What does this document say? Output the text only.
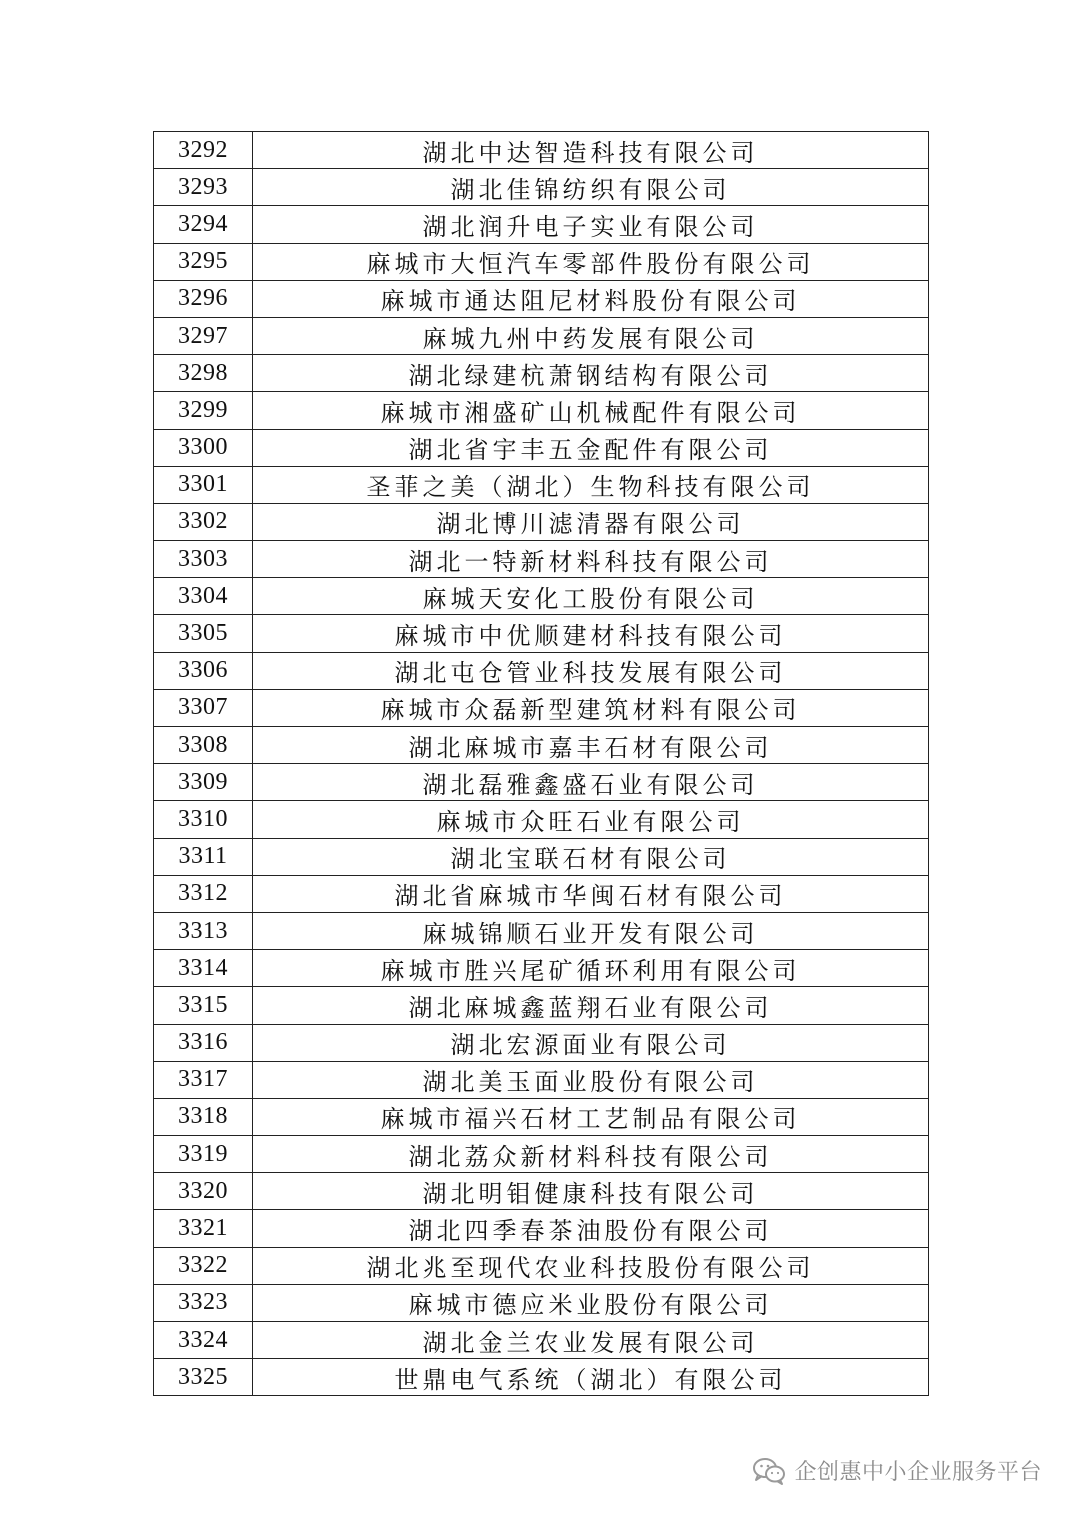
3292	湖北中达智造科技有限公司
3293	湖北佳锦纺织有限公司
3294	湖北润升电子实业有限公司
3295	麻城市大恒汽车零部件股份有限公司
3296	麻城市通达阻尼材料股份有限公司
3297	麻城九州中药发展有限公司
3298	湖北绿建杭萧钢结构有限公司
3299	麻城市湘盛矿山机械配件有限公司
3300	湖北省宇丰五金配件有限公司
3301	圣菲之美（湖北）生物科技有限公司
3302	湖北博川滤清器有限公司
3303	湖北一特新材料科技有限公司
3304	麻城天安化工股份有限公司
3305	麻城市中优顺建材科技有限公司
3306	湖北屯仓管业科技发展有限公司
3307	麻城市众磊新型建筑材料有限公司
3308	湖北麻城市嘉丰石材有限公司
3309	湖北磊雅鑫盛石业有限公司
3310	麻城市众旺石业有限公司
3311	湖北宝联石材有限公司
3312	湖北省麻城市华闽石材有限公司
3313	麻城锦顺石业开发有限公司
3314	麻城市胜兴尾矿循环利用有限公司
3315	湖北麻城鑫蓝翔石业有限公司
3316	湖北宏源面业有限公司
3317	湖北美玉面业股份有限公司
3318	麻城市福兴石材工艺制品有限公司
3319	湖北荔众新材料科技有限公司
3320	湖北明钼健康科技有限公司
3321	湖北四季春茶油股份有限公司
3322	湖北兆至现代农业科技股份有限公司
3323	麻城市德应米业股份有限公司
3324	湖北金兰农业发展有限公司
3325	世鼎电气系统（湖北）有限公司
企创惠中小企业服务平台
